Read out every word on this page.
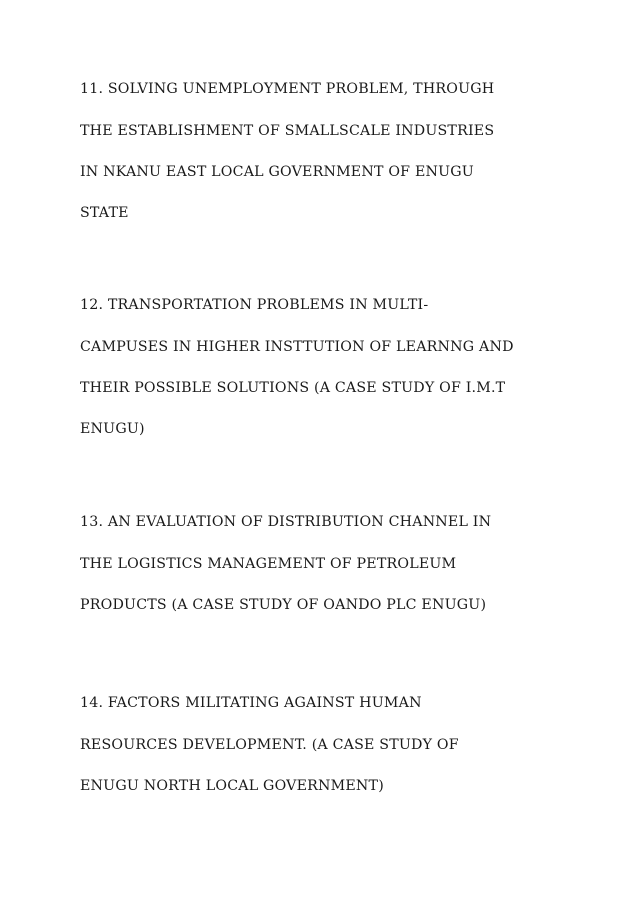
11. SOLVING UNEMPLOYMENT PROBLEM, THROUGH
THE ESTABLISHMENT OF SMALLSCALE INDUSTRIES
IN NKANU EAST LOCAL GOVERNMENT OF ENUGU
STATE
12. TRANSPORTATION PROBLEMS IN MULTI-
CAMPUSES IN HIGHER INSTTUTION OF LEARNNG AND
THEIR POSSIBLE SOLUTIONS (A CASE STUDY OF I.M.T
ENUGU)
13. AN EVALUATION OF DISTRIBUTION CHANNEL IN
THE LOGISTICS MANAGEMENT OF PETROLEUM
PRODUCTS (A CASE STUDY OF OANDO PLC ENUGU)
14. FACTORS MILITATING AGAINST HUMAN
RESOURCES DEVELOPMENT. (A CASE STUDY OF
ENUGU NORTH LOCAL GOVERNMENT)
